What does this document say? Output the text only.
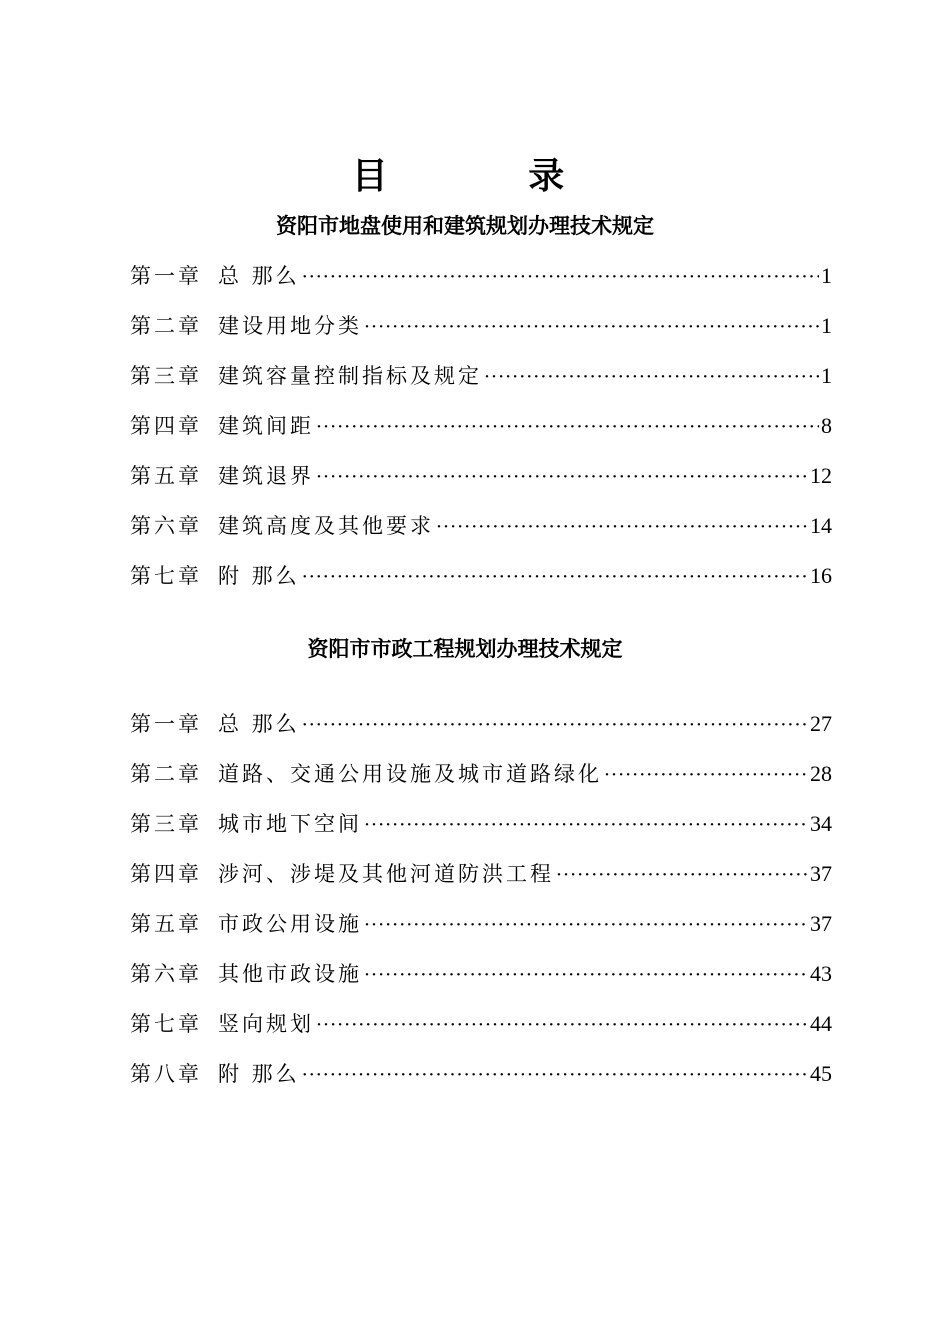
目 录
资阳市地盘使用和建筑规划办理技术规定
第一章 总 那么 ·····	1
第二章 建设用地分类 ·····	1
第三章 建筑容量控制指标及规定 ·····	1
第四章 建筑间距 ·····	8
第五章 建筑退界 ·····	12
第六章 建筑高度及其他要求 ·····	14
第七章 附 那么 ·····	16
资阳市市政工程规划办理技术规定
第一章 总 那么 ·····	27
第二章 道路、交通公用设施及城市道路绿化 ·····	28
第三章 城市地下空间 ·····	34
第四章 涉河、涉堤及其他河道防洪工程 ·····	37
第五章 市政公用设施 ·····	37
第六章 其他市政设施 ·····	43
第七章 竖向规划 ·····	44
第八章 附 那么 ·····	45
